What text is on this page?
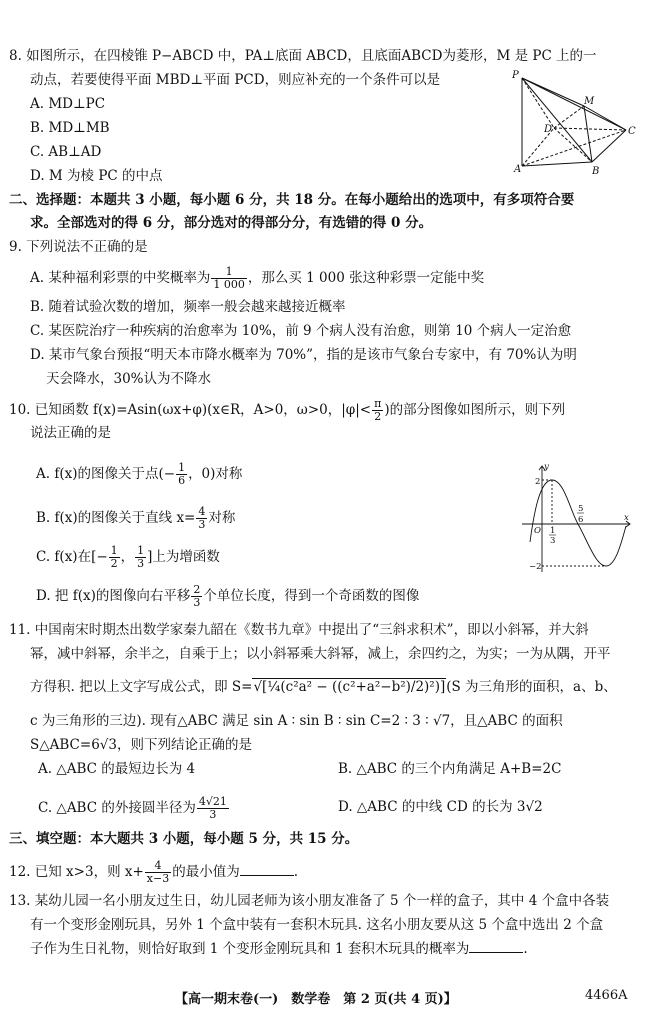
8. 如图所示，在四棱锥 P−ABCD 中，PA⊥底面 ABCD，且底面ABCD为菱形，M 是 PC 上的一
动点，若要使得平面 MBD⊥平面 PCD，则应补充的一个条件可以是
A. MD⊥PC
B. MD⊥MB
C. AB⊥AD
D. M 为棱 PC 的中点
P
M
D	C
A	B
二、选择题：本题共 3 小题，每小题 6 分，共 18 分。在每小题给出的选项中，有多项符合要
求。全部选对的得 6 分，部分选对的得部分分，有选错的得 0 分。
9. 下列说法不正确的是
A. 某种福利彩票的中奖概率为 $\frac{1}{1 000}$ ，那么买 1 000 张这种彩票一定能中奖
B. 随着试验次数的增加，频率一般会越来越接近概率
C. 某医院治疗一种疾病的治愈率为 10%，前 9 个病人没有治愈，则第 10 个病人一定治愈
D. 某市气象台预报“明天本市降水概率为 70%”，指的是该市气象台专家中，有 70%认为明
天会降水，30%认为不降水
10. 已知函数 f(x)=Asin(ωx+φ)(x∈R，A>0，ω>0，$|\varphi|< \frac{\pi}{2}$ )的部分图像如图所示，则下列
说法正确的是
A. f(x)的图像关于点(− $\frac{1}{6}$ ，0)对称
B. f(x)的图像关于直线 $x= \frac{4}{3}$ 对称
C. f(x)在[− $\frac{1}{2}$ ， $\frac{1}{3}$ ]上为增函数
D. 把 f(x)的图像向右平移 $\frac{2}{3}$ 个单位长度，得到一个奇函数的图像
y
x
O
2
−2
1
3
5
6
11. 中国南宋时期杰出数学家秦九韶在《数书九章》中提出了“三斜求积术”，即以小斜幂，并大斜
幂，减中斜幂，余半之，自乘于上；以小斜幂乘大斜幂，减上，余四约之，为实；一为从隅，开平
方得积. 把以上文字写成公式，即 S=√[¼(c²a² − ((c²+a²−b²)/2)²)](S 为三角形的面积，a、b、
c 为三角形的三边). 现有△ABC 满足 sin A ∶ sin B ∶ sin C=2 ∶ 3 ∶ √7，且△ABC 的面积
S△ABC=6√3，则下列结论正确的是
A. △ABC 的最短边长为 4	B. △ABC 的三个内角满足 A+B=2C
C. △ABC 的外接圆半径为 $\frac{4√21}{3}$	D. △ABC 的中线 CD 的长为 3√2
三、填空题：本大题共 3 小题，每小题 5 分，共 15 分。
12. 已知 x>3，则 $x+ \frac{4}{x-3}$ 的最小值为	.
13. 某幼儿园一名小朋友过生日，幼儿园老师为该小朋友准备了 5 个一样的盒子，其中 4 个盒中各装
有一个变形金刚玩具，另外 1 个盒中装有一套积木玩具. 这名小朋友要从这 5 个盒中选出 2 个盒
子作为生日礼物，则恰好取到 1 个变形金刚玩具和 1 套积木玩具的概率为	.
【高一期末卷(一)　数学卷　第 2 页(共 4 页)】	4466A
